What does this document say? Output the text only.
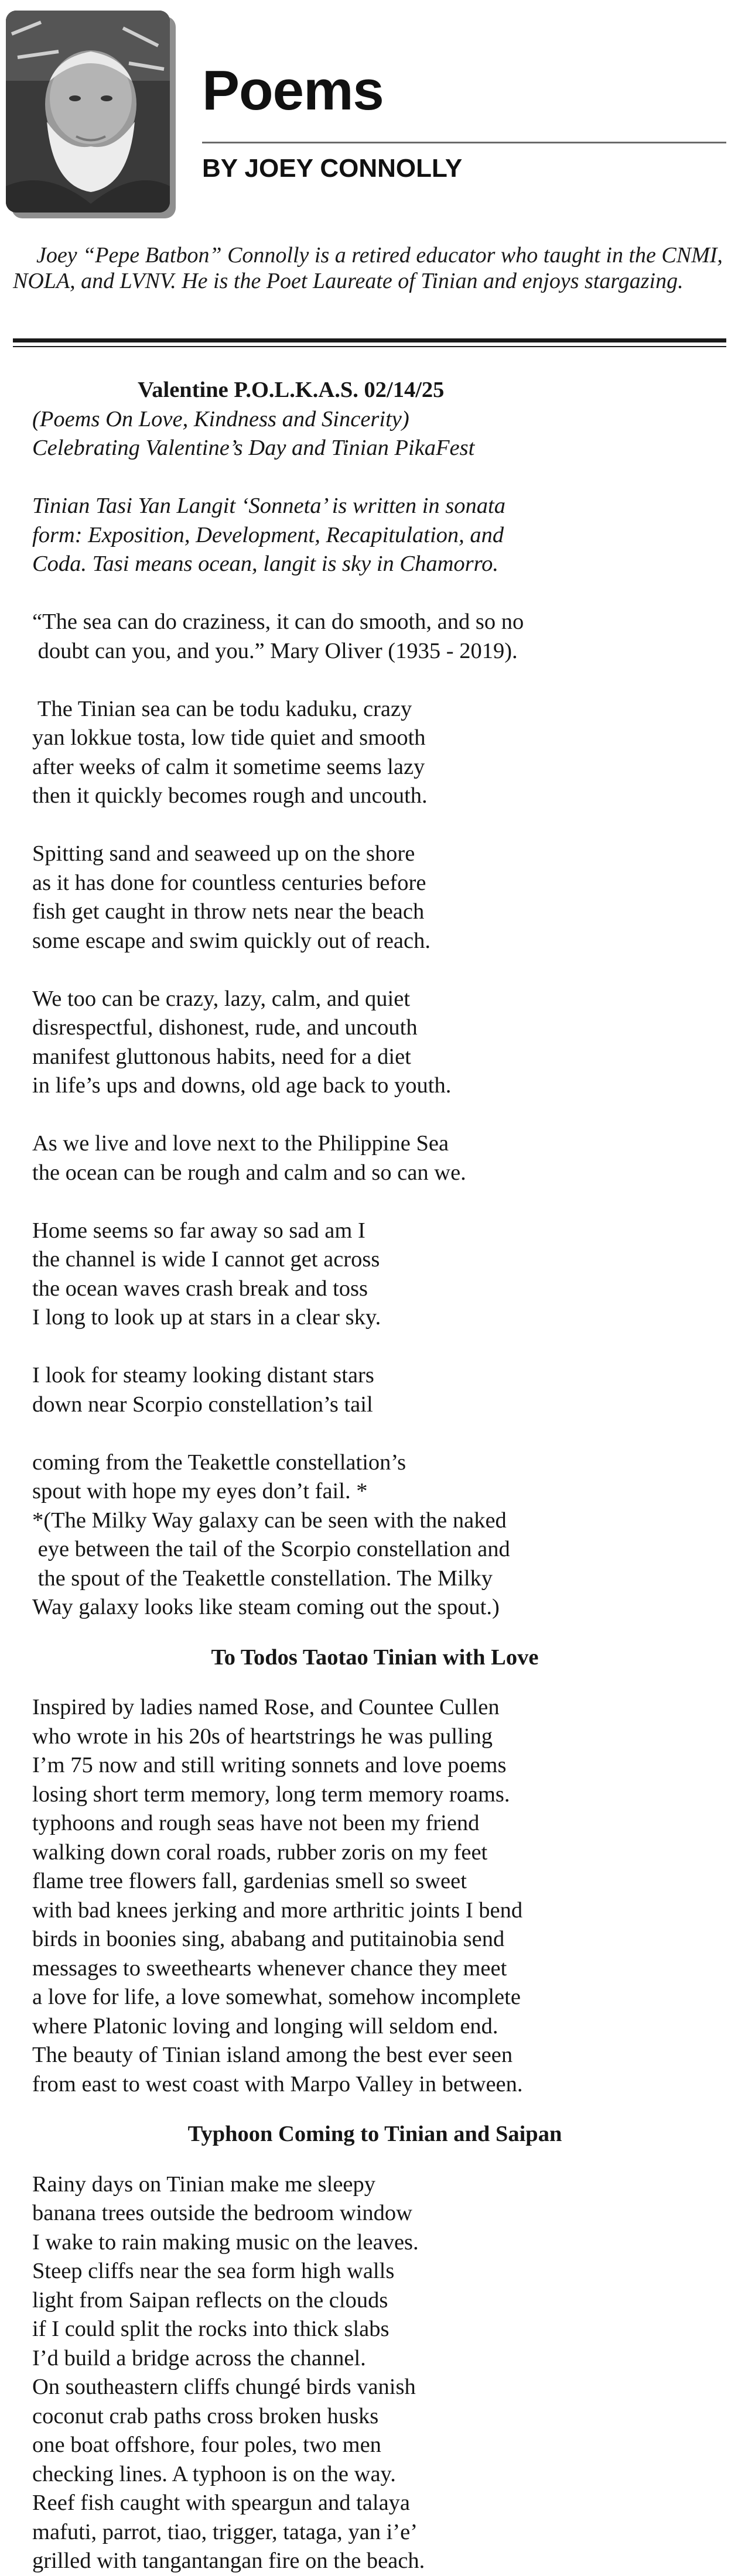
Poems
BY JOEY CONNOLLY

Joey “Pepe Batbon” Connolly is a retired educator who taught in the CNMI, NOLA, and LVNV. He is the Poet Laureate of Tinian and enjoys stargazing.

Valentine P.O.L.K.A.S. 02/14/25
(Poems On Love, Kindness and Sincerity)
Celebrating Valentine’s Day and Tinian PikaFest
Tinian Tasi Yan Langit ‘Sonneta’ is written in sonata
form: Exposition, Development, Recapitulation, and
Coda. Tasi means ocean, langit is sky in Chamorro.
“The sea can do craziness, it can do smooth, and so no
doubt can you, and you.” Mary Oliver (1935 - 2019).
The Tinian sea can be todu kaduku, crazy
yan lokkue tosta, low tide quiet and smooth
after weeks of calm it sometime seems lazy
then it quickly becomes rough and uncouth.
Spitting sand and seaweed up on the shore
as it has done for countless centuries before
fish get caught in throw nets near the beach
some escape and swim quickly out of reach.
We too can be crazy, lazy, calm, and quiet
disrespectful, dishonest, rude, and uncouth
manifest gluttonous habits, need for a diet
in life’s ups and downs, old age back to youth.
As we live and love next to the Philippine Sea
the ocean can be rough and calm and so can we.
Home seems so far away so sad am I
the channel is wide I cannot get across
the ocean waves crash break and toss
I long to look up at stars in a clear sky.
I look for steamy looking distant stars
down near Scorpio constellation’s tail
coming from the Teakettle constellation’s
spout with hope my eyes don’t fail. *
*(The Milky Way galaxy can be seen with the naked
eye between the tail of the Scorpio constellation and
the spout of the Teakettle constellation. The Milky
Way galaxy looks like steam coming out the spout.)
To Todos Taotao Tinian with Love
Inspired by ladies named Rose, and Countee Cullen
who wrote in his 20s of heartstrings he was pulling
I’m 75 now and still writing sonnets and love poems
losing short term memory, long term memory roams.
typhoons and rough seas have not been my friend
walking down coral roads, rubber zoris on my feet
flame tree flowers fall, gardenias smell so sweet
with bad knees jerking and more arthritic joints I bend
birds in boonies sing, ababang and putitainobia send
messages to sweethearts whenever chance they meet
a love for life, a love somewhat, somehow incomplete
where Platonic loving and longing will seldom end.
The beauty of Tinian island among the best ever seen
from east to west coast with Marpo Valley in between.
Typhoon Coming to Tinian and Saipan
Rainy days on Tinian make me sleepy
banana trees outside the bedroom window
I wake to rain making music on the leaves.
Steep cliffs near the sea form high walls
light from Saipan reflects on the clouds
if I could split the rocks into thick slabs
I’d build a bridge across the channel.
On southeastern cliffs chungé birds vanish
coconut crab paths cross broken husks
one boat offshore, four poles, two men
checking lines. A typhoon is on the way.
Reef fish caught with speargun and talaya
mafuti, parrot, tiao, trigger, tataga, yan i’e’
grilled with tangantangan fire on the beach.
